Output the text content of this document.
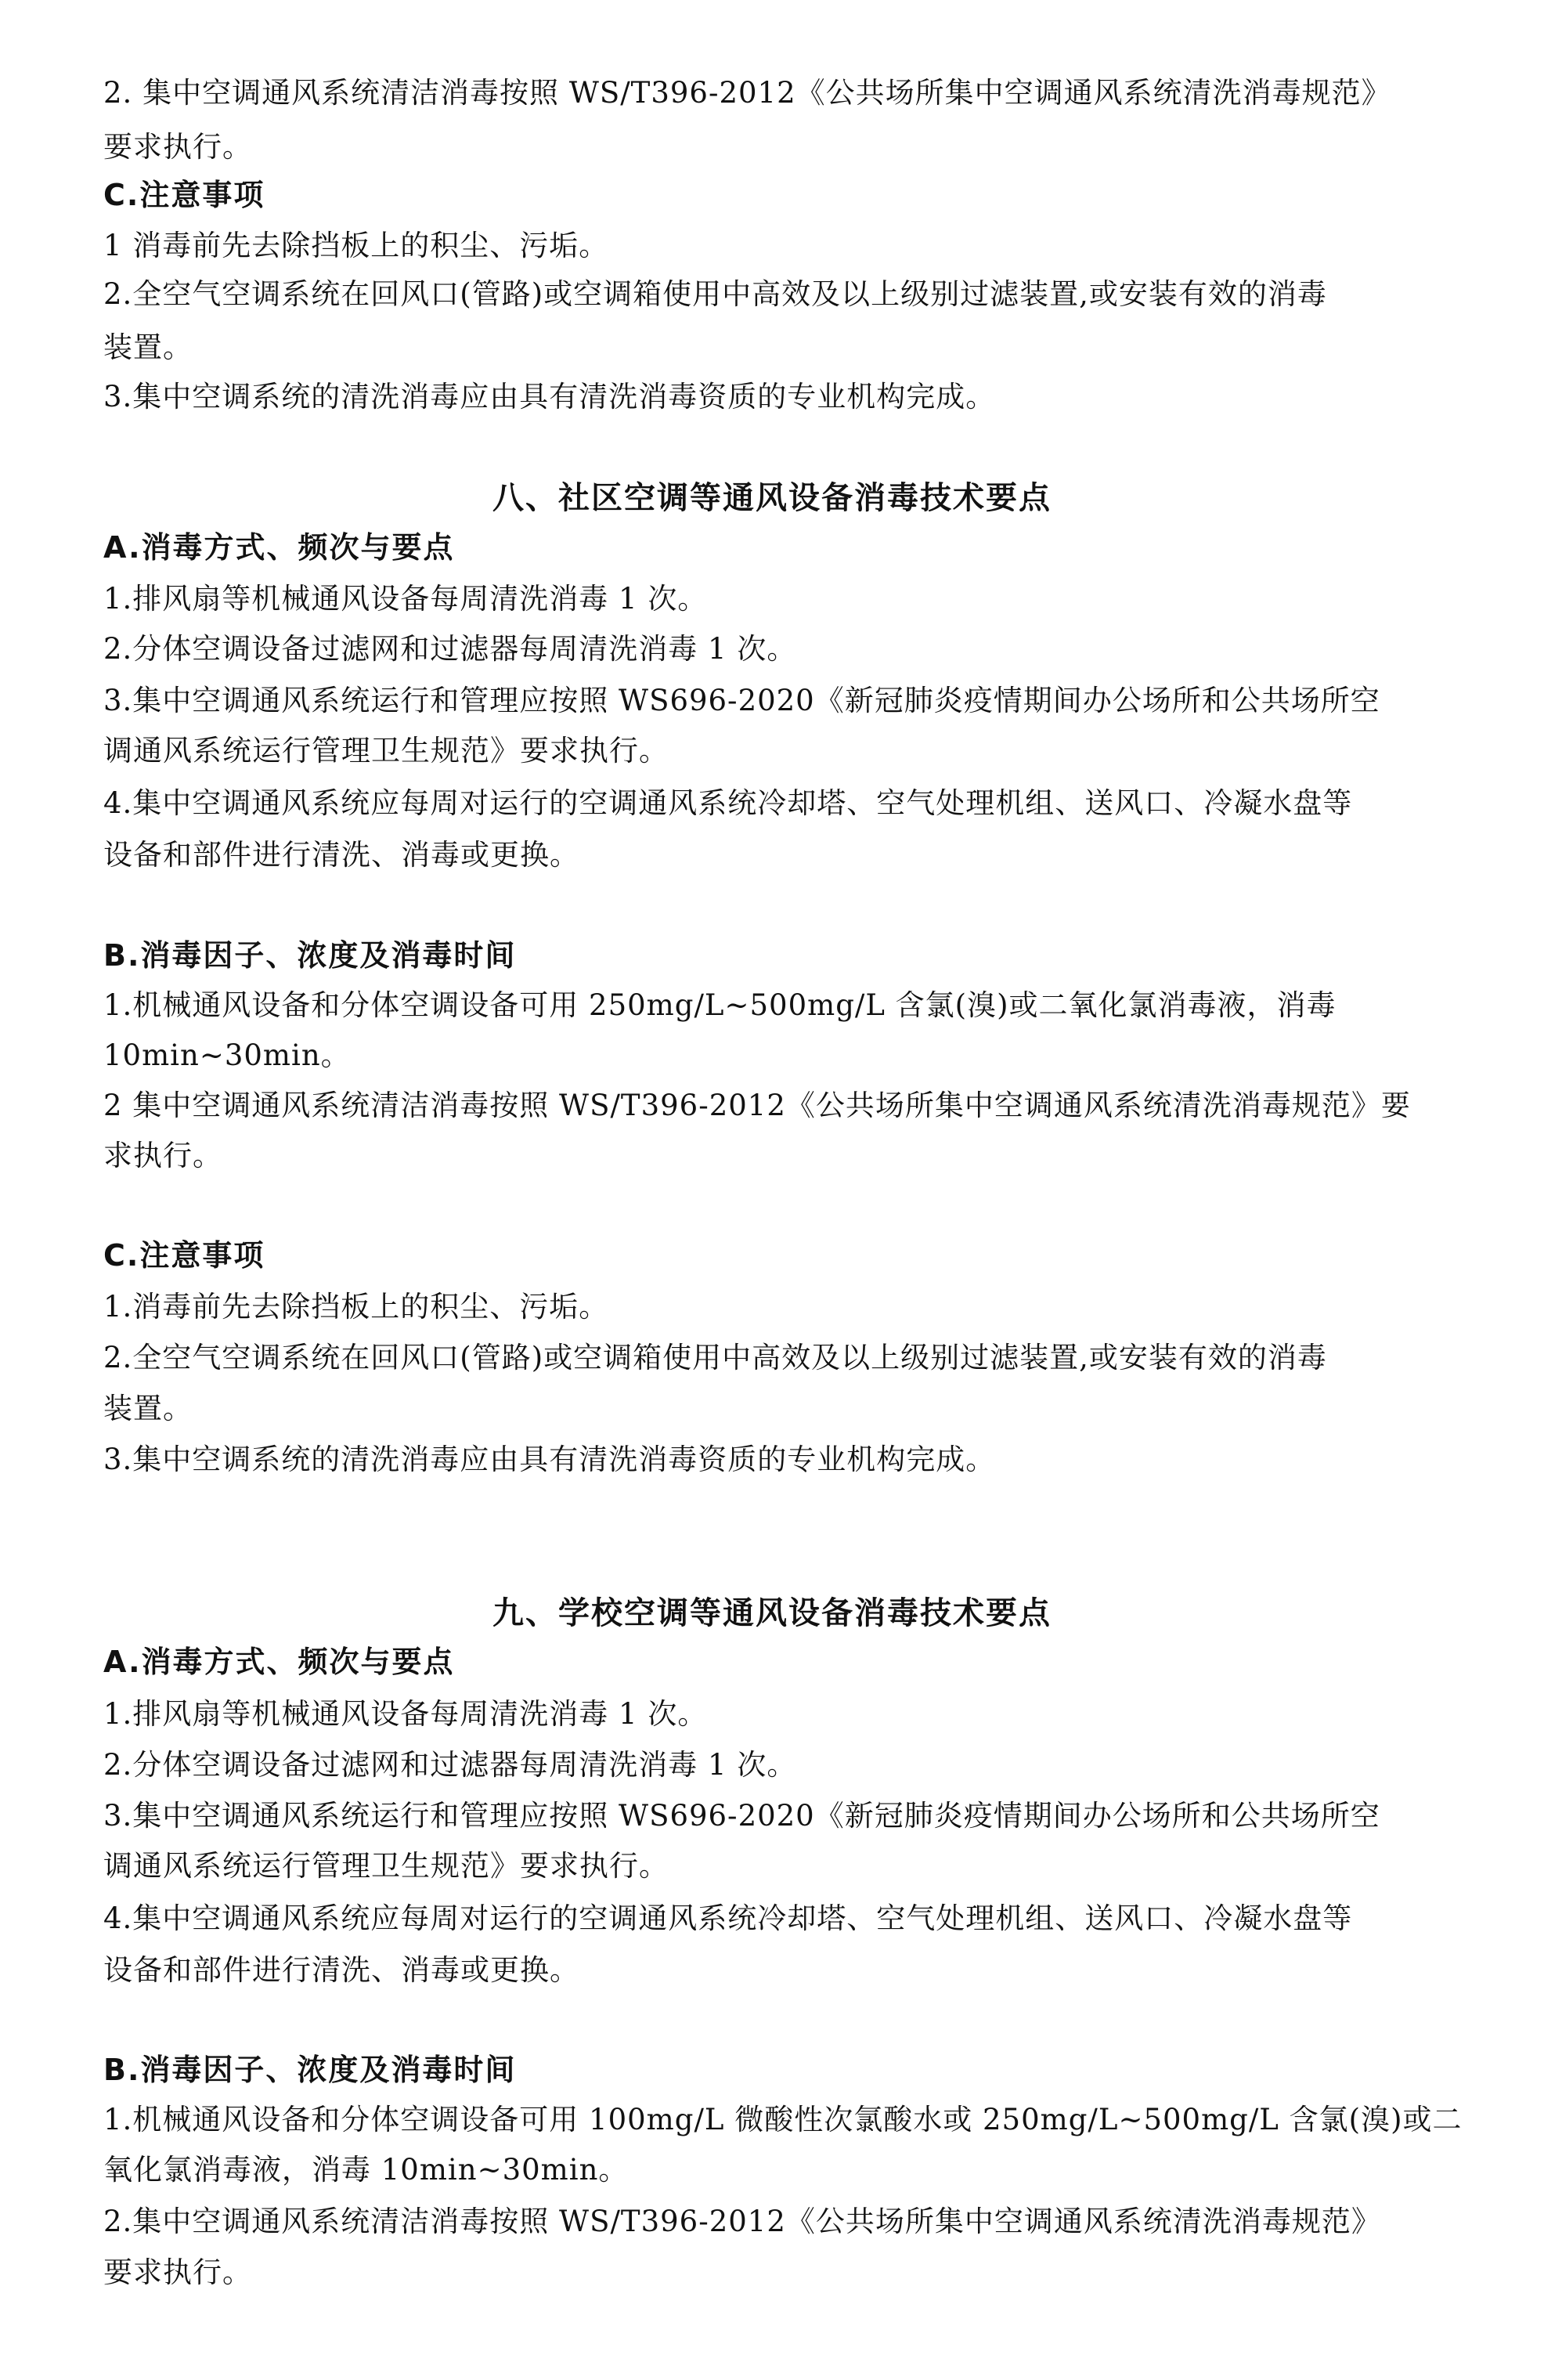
2. 集中空调通风系统清洁消毒按照 WS/T396-2012《公共场所集中空调通风系统清洗消毒规范》

要求执行。

C.注意事项

1 消毒前先去除挡板上的积尘、污垢。

2.全空气空调系统在回风口(管路)或空调箱使用中高效及以上级别过滤装置,或安装有效的消毒

装置。

3.集中空调系统的清洗消毒应由具有清洗消毒资质的专业机构完成。

八、社区空调等通风设备消毒技术要点

A.消毒方式、频次与要点

1.排风扇等机械通风设备每周清洗消毒 1 次。

2.分体空调设备过滤网和过滤器每周清洗消毒 1 次。

3.集中空调通风系统运行和管理应按照 WS696-2020《新冠肺炎疫情期间办公场所和公共场所空

调通风系统运行管理卫生规范》要求执行。

4.集中空调通风系统应每周对运行的空调通风系统冷却塔、空气处理机组、送风口、冷凝水盘等

设备和部件进行清洗、消毒或更换。

B.消毒因子、浓度及消毒时间

1.机械通风设备和分体空调设备可用 250mg/L~500mg/L 含氯(溴)或二氧化氯消毒液，消毒

10min~30min。

2 集中空调通风系统清洁消毒按照 WS/T396-2012《公共场所集中空调通风系统清洗消毒规范》要

求执行。

C.注意事项

1.消毒前先去除挡板上的积尘、污垢。

2.全空气空调系统在回风口(管路)或空调箱使用中高效及以上级别过滤装置,或安装有效的消毒

装置。

3.集中空调系统的清洗消毒应由具有清洗消毒资质的专业机构完成。

九、学校空调等通风设备消毒技术要点

A.消毒方式、频次与要点

1.排风扇等机械通风设备每周清洗消毒 1 次。

2.分体空调设备过滤网和过滤器每周清洗消毒 1 次。

3.集中空调通风系统运行和管理应按照 WS696-2020《新冠肺炎疫情期间办公场所和公共场所空

调通风系统运行管理卫生规范》要求执行。

4.集中空调通风系统应每周对运行的空调通风系统冷却塔、空气处理机组、送风口、冷凝水盘等

设备和部件进行清洗、消毒或更换。

B.消毒因子、浓度及消毒时间

1.机械通风设备和分体空调设备可用 100mg/L 微酸性次氯酸水或 250mg/L~500mg/L 含氯(溴)或二

氧化氯消毒液，消毒 10min~30min。

2.集中空调通风系统清洁消毒按照 WS/T396-2012《公共场所集中空调通风系统清洗消毒规范》

要求执行。
